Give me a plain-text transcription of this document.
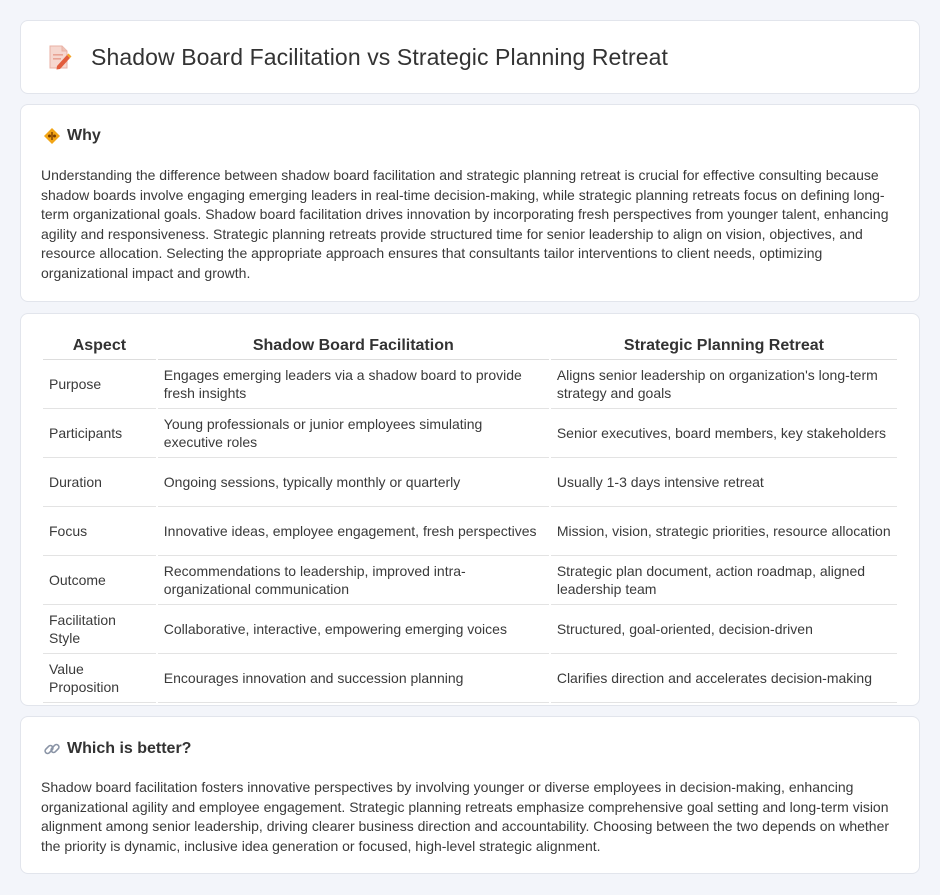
Shadow Board Facilitation vs Strategic Planning Retreat
Why

Understanding the difference between shadow board facilitation and strategic planning retreat is crucial for effective consulting because shadow boards involve engaging emerging leaders in real-time decision-making, while strategic planning retreats focus on defining long-term organizational goals. Shadow board facilitation drives innovation by incorporating fresh perspectives from younger talent, enhancing agility and responsiveness. Strategic planning retreats provide structured time for senior leadership to align on vision, objectives, and resource allocation. Selecting the appropriate approach ensures that consultants tailor interventions to client needs, optimizing organizational impact and growth.

Aspect	Shadow Board Facilitation	Strategic Planning Retreat
Purpose	Engages emerging leaders via a shadow board to provide fresh insights	Aligns senior leadership on organization's long-term strategy and goals
Participants	Young professionals or junior employees simulating executive roles	Senior executives, board members, key stakeholders
Duration	Ongoing sessions, typically monthly or quarterly	Usually 1-3 days intensive retreat
Focus	Innovative ideas, employee engagement, fresh perspectives	Mission, vision, strategic priorities, resource allocation
Outcome	Recommendations to leadership, improved intra-organizational communication	Strategic plan document, action roadmap, aligned leadership team
Facilitation Style	Collaborative, interactive, empowering emerging voices	Structured, goal-oriented, decision-driven
Value Proposition	Encourages innovation and succession planning	Clarifies direction and accelerates decision-making
Which is better?

Shadow board facilitation fosters innovative perspectives by involving younger or diverse employees in decision-making, enhancing organizational agility and employee engagement. Strategic planning retreats emphasize comprehensive goal setting and long-term vision alignment among senior leadership, driving clearer business direction and accountability. Choosing between the two depends on whether the priority is dynamic, inclusive idea generation or focused, high-level strategic alignment.
